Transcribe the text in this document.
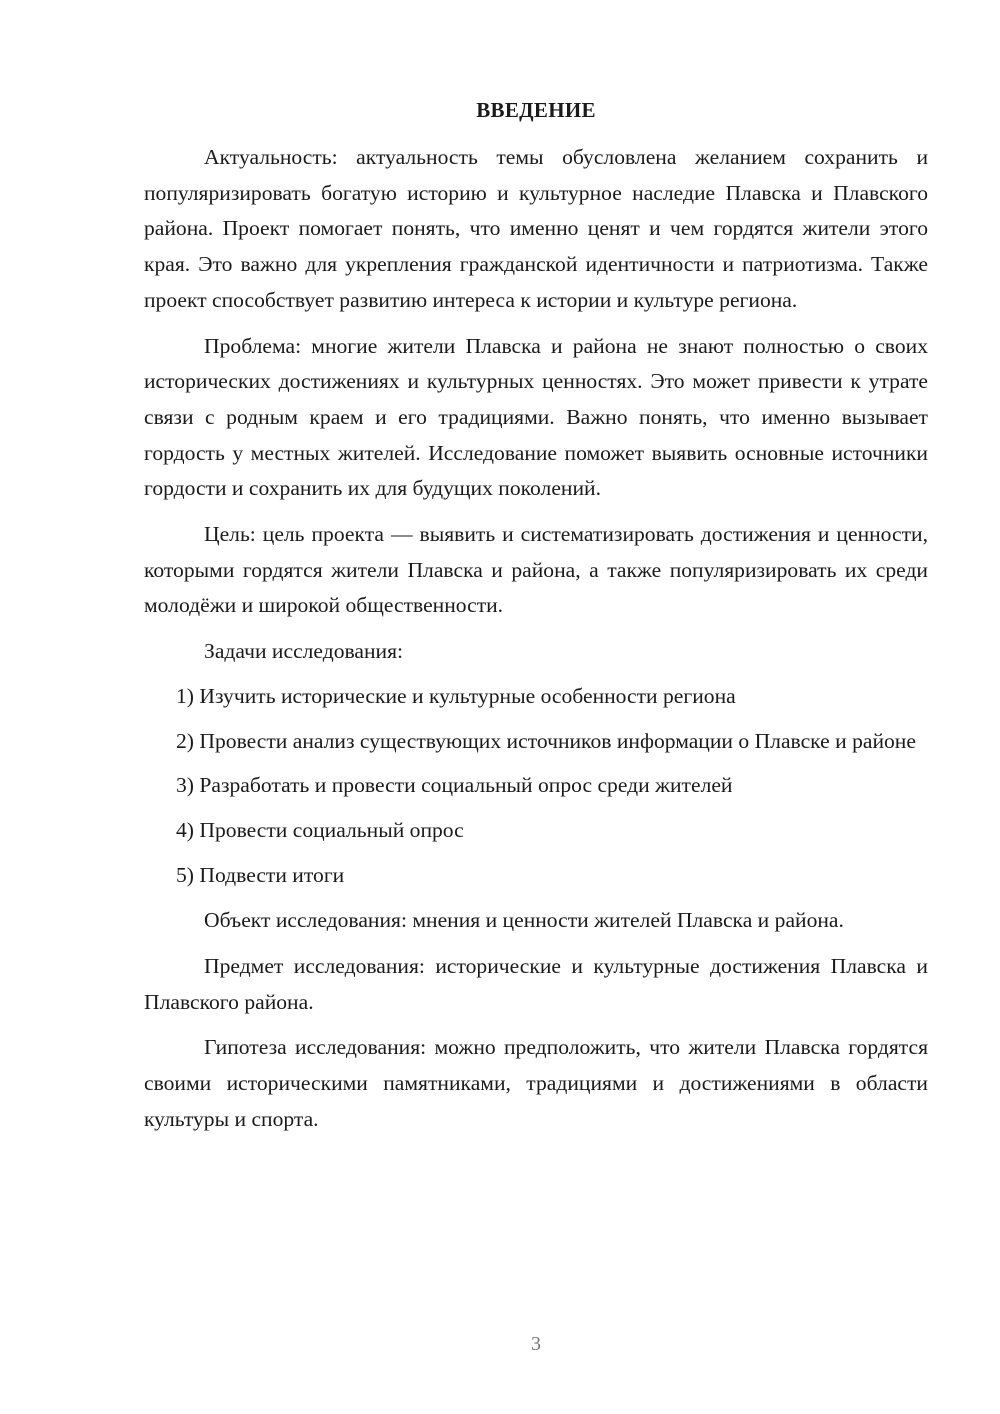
ВВЕДЕНИЕ

Актуальность: актуальность темы обусловлена желанием сохранить и популяризировать богатую историю и культурное наследие Плавска и Плавского района. Проект помогает понять, что именно ценят и чем гордятся жители этого края. Это важно для укрепления гражданской идентичности и патриотизма. Также проект способствует развитию интереса к истории и культуре региона.

Проблема: многие жители Плавска и района не знают полностью о своих исторических достижениях и культурных ценностях. Это может привести к утрате связи с родным краем и его традициями. Важно понять, что именно вызывает гордость у местных жителей. Исследование поможет выявить основные источники гордости и сохранить их для будущих поколений.

Цель: цель проекта — выявить и систематизировать достижения и ценности, которыми гордятся жители Плавска и района, а также популяризировать их среди молодёжи и широкой общественности.

Задачи исследования:

1) Изучить исторические и культурные особенности региона

2) Провести анализ существующих источников информации о Плавске и районе

3) Разработать и провести социальный опрос среди жителей

4) Провести социальный опрос

5) Подвести итоги

Объект исследования: мнения и ценности жителей Плавска и района.

Предмет исследования: исторические и культурные достижения Плавска и Плавского района.

Гипотеза исследования: можно предположить, что жители Плавска гордятся своими историческими памятниками, традициями и достижениями в области культуры и спорта.

3
